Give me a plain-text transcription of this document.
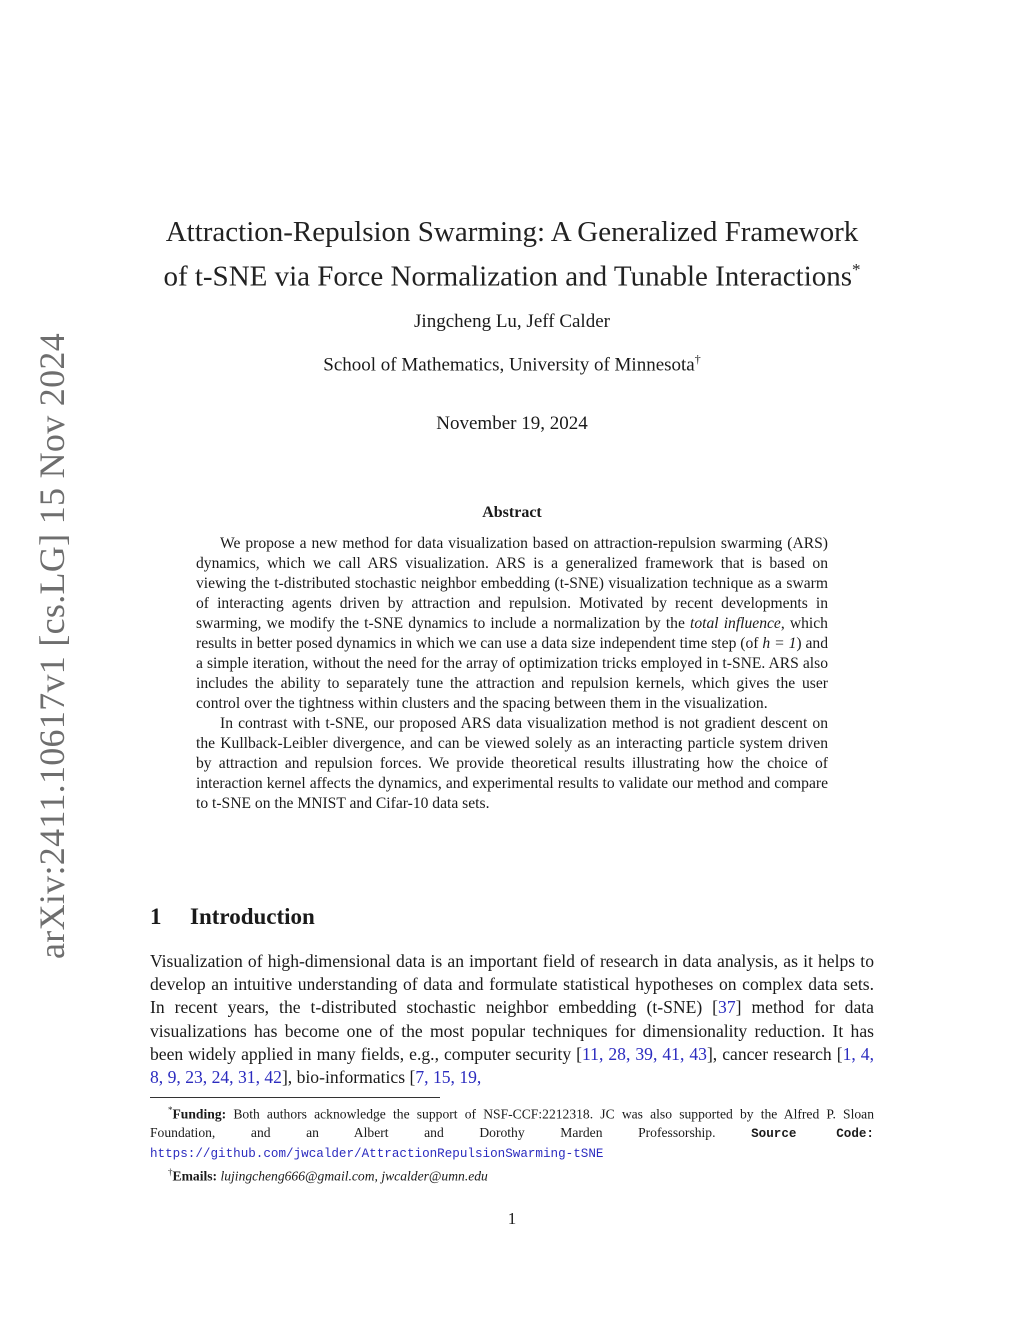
arXiv:2411.10617v1 [cs.LG] 15 Nov 2024
Attraction-Repulsion Swarming: A Generalized Framework
of t-SNE via Force Normalization and Tunable Interactions*
Jingcheng Lu, Jeff Calder
School of Mathematics, University of Minnesota†
November 19, 2024
Abstract

We propose a new method for data visualization based on attraction-repulsion swarming (ARS) dynamics, which we call ARS visualization. ARS is a generalized framework that is based on viewing the t-distributed stochastic neighbor embedding (t-SNE) visualization technique as a swarm of interacting agents driven by attraction and repulsion. Motivated by recent developments in swarming, we modify the t-SNE dynamics to include a normalization by the total influence, which results in better posed dynamics in which we can use a data size independent time step (of h = 1) and a simple iteration, without the need for the array of optimization tricks employed in t-SNE. ARS also includes the ability to separately tune the attraction and repulsion kernels, which gives the user control over the tightness within clusters and the spacing between them in the visualization.

In contrast with t-SNE, our proposed ARS data visualization method is not gradient descent on the Kullback-Leibler divergence, and can be viewed solely as an interacting particle system driven by attraction and repulsion forces. We provide theoretical results illustrating how the choice of interaction kernel affects the dynamics, and experimental results to validate our method and compare to t-SNE on the MNIST and Cifar-10 data sets.

1 Introduction

Visualization of high-dimensional data is an important field of research in data analysis, as it helps to develop an intuitive understanding of data and formulate statistical hypotheses on complex data sets. In recent years, the t-distributed stochastic neighbor embedding (t-SNE) [37] method for data visualizations has become one of the most popular techniques for dimensionality reduction. It has been widely applied in many fields, e.g., computer security [11, 28, 39, 41, 43], cancer research [1, 4, 8, 9, 23, 24, 31, 42], bio-informatics [7, 15, 19,

*Funding: Both authors acknowledge the support of NSF-CCF:2212318. JC was also supported by the Alfred P. Sloan Foundation, and an Albert and Dorothy Marden Professorship. Source Code: https://github.com/jwcalder/AttractionRepulsionSwarming-tSNE

†Emails: lujingcheng666@gmail.com, jwcalder@umn.edu

1
